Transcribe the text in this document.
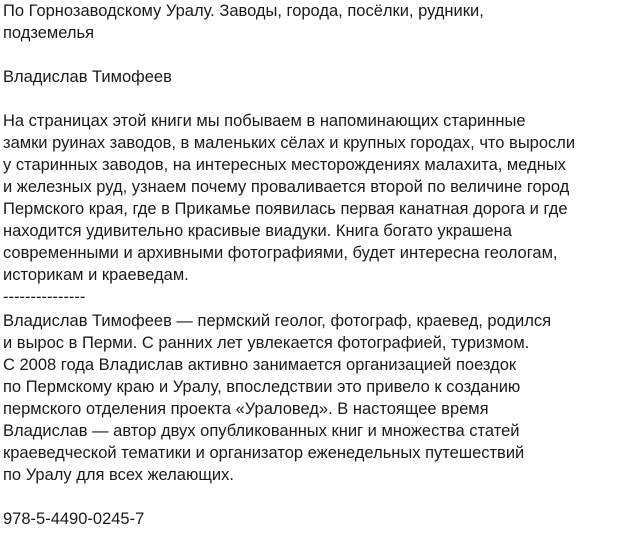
По Горнозаводскому Уралу. Заводы, города, посёлки, рудники,
подземелья
Владислав Тимофеев
На страницах этой книги мы побываем в напоминающих старинные
замки руинах заводов, в маленьких сёлах и крупных городах, что выросли
у старинных заводов, на интересных месторождениях малахита, медных
и железных руд, узнаем почему проваливается второй по величине город
Пермского края, где в Прикамье появилась первая канатная дорога и где
находится удивительно красивые виадуки. Книга богато украшена
современными и архивными фотографиями, будет интересна геологам,
историкам и краеведам.
---------------
Владислав Тимофеев — пермский геолог, фотограф, краевед, родился
и вырос в Перми. С ранних лет увлекается фотографией, туризмом.
С 2008 года Владислав активно занимается организацией поездок
по Пермскому краю и Уралу, впоследствии это привело к созданию
пермского отделения проекта «Ураловед». В настоящее время
Владислав — автор двух опубликованных книг и множества статей
краеведческой тематики и организатор еженедельных путешествий
по Уралу для всех желающих.
978-5-4490-0245-7
